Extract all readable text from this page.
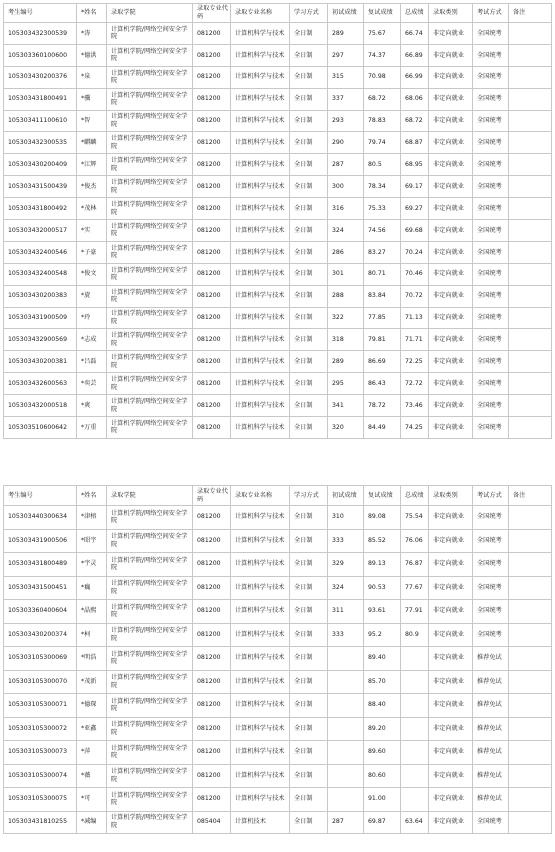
考生编号	*姓名	录取学院	录取专业代码	录取专业名称	学习方式	初试成绩	复试成绩	总成绩	录取类别	考试方式	备注
105303432300539	*涛	计算机学院/网络空间安全学院	081200	计算机科学与技术	全日制	289	75.67	66.74	非定向就业	全国统考	
105303360100600	*德洪	计算机学院/网络空间安全学院	081200	计算机科学与技术	全日制	297	74.37	66.89	非定向就业	全国统考	
105303430200376	*泉	计算机学院/网络空间安全学院	081200	计算机科学与技术	全日制	315	70.98	66.99	非定向就业	全国统考	
105303431800491	*骥	计算机学院/网络空间安全学院	081200	计算机科学与技术	全日制	337	68.72	68.06	非定向就业	全国统考	
105303411100610	*智	计算机学院/网络空间安全学院	081200	计算机科学与技术	全日制	293	78.83	68.72	非定向就业	全国统考	
105303432300535	*麒麟	计算机学院/网络空间安全学院	081200	计算机科学与技术	全日制	290	79.74	68.87	非定向就业	全国统考	
105303430200409	*江辉	计算机学院/网络空间安全学院	081200	计算机科学与技术	全日制	287	80.5	68.95	非定向就业	全国统考	
105303431500439	*俊杰	计算机学院/网络空间安全学院	081200	计算机科学与技术	全日制	300	78.34	69.17	非定向就业	全国统考	
105303431800492	*茂林	计算机学院/网络空间安全学院	081200	计算机科学与技术	全日制	316	75.33	69.27	非定向就业	全国统考	
105303432000517	*实	计算机学院/网络空间安全学院	081200	计算机科学与技术	全日制	324	74.56	69.68	非定向就业	全国统考	
105303432400546	*子豪	计算机学院/网络空间安全学院	081200	计算机科学与技术	全日制	286	83.27	70.24	非定向就业	全国统考	
105303432400548	*俊文	计算机学院/网络空间安全学院	081200	计算机科学与技术	全日制	301	80.71	70.46	非定向就业	全国统考	
105303430200383	*旋	计算机学院/网络空间安全学院	081200	计算机科学与技术	全日制	288	83.84	70.72	非定向就业	全国统考	
105303431900509	*玲	计算机学院/网络空间安全学院	081200	计算机科学与技术	全日制	322	77.85	71.13	非定向就业	全国统考	
105303432900569	*志成	计算机学院/网络空间安全学院	081200	计算机科学与技术	全日制	318	79.81	71.71	非定向就业	全国统考	
105303430200381	*吕磊	计算机学院/网络空间安全学院	081200	计算机科学与技术	全日制	289	86.69	72.25	非定向就业	全国统考	
105303432600563	*奕芸	计算机学院/网络空间安全学院	081200	计算机科学与技术	全日制	295	86.43	72.72	非定向就业	全国统考	
105303432000518	*爽	计算机学院/网络空间安全学院	081200	计算机科学与技术	全日制	341	78.72	73.46	非定向就业	全国统考	
105303510600642	*万重	计算机学院/网络空间安全学院	081200	计算机科学与技术	全日制	320	84.49	74.25	非定向就业	全国统考	
考生编号	*姓名	录取学院	录取专业代码	录取专业名称	学习方式	初试成绩	复试成绩	总成绩	录取类别	考试方式	备注
105303440300634	*津榕	计算机学院/网络空间安全学院	081200	计算机科学与技术	全日制	310	89.08	75.54	非定向就业	全国统考	
105303431900506	*昭宇	计算机学院/网络空间安全学院	081200	计算机科学与技术	全日制	333	85.52	76.06	非定向就业	全国统考	
105303431800489	*宇灵	计算机学院/网络空间安全学院	081200	计算机科学与技术	全日制	329	89.13	76.87	非定向就业	全国统考	
105303431500451	*巍	计算机学院/网络空间安全学院	081200	计算机科学与技术	全日制	324	90.53	77.67	非定向就业	全国统考	
105303360400604	*晶熙	计算机学院/网络空间安全学院	081200	计算机科学与技术	全日制	311	93.61	77.91	非定向就业	全国统考	
105303430200374	*柯	计算机学院/网络空间安全学院	081200	计算机科学与技术	全日制	333	95.2	80.9	非定向就业	全国统考	
105303105300069	*明浩	计算机学院/网络空间安全学院	081200	计算机科学与技术	全日制		89.40		非定向就业	推荐免试	
105303105300070	*茂新	计算机学院/网络空间安全学院	081200	计算机科学与技术	全日制		85.70		非定向就业	推荐免试	
105303105300071	*德琛	计算机学院/网络空间安全学院	081200	计算机科学与技术	全日制		88.40		非定向就业	推荐免试	
105303105300072	*亚鑫	计算机学院/网络空间安全学院	081200	计算机科学与技术	全日制		89.20		非定向就业	推荐免试	
105303105300073	*萍	计算机学院/网络空间安全学院	081200	计算机科学与技术	全日制		89.60		非定向就业	推荐免试	
105303105300074	*薇	计算机学院/网络空间安全学院	081200	计算机科学与技术	全日制		80.60		非定向就业	推荐免试	
105303105300075	*可	计算机学院/网络空间安全学院	081200	计算机科学与技术	全日制		91.00		非定向就业	推荐免试	
105303431810255	*减编	计算机学院/网络空间安全学院	085404	计算机技术	全日制	287	69.87	63.64	非定向就业	全国统考	
